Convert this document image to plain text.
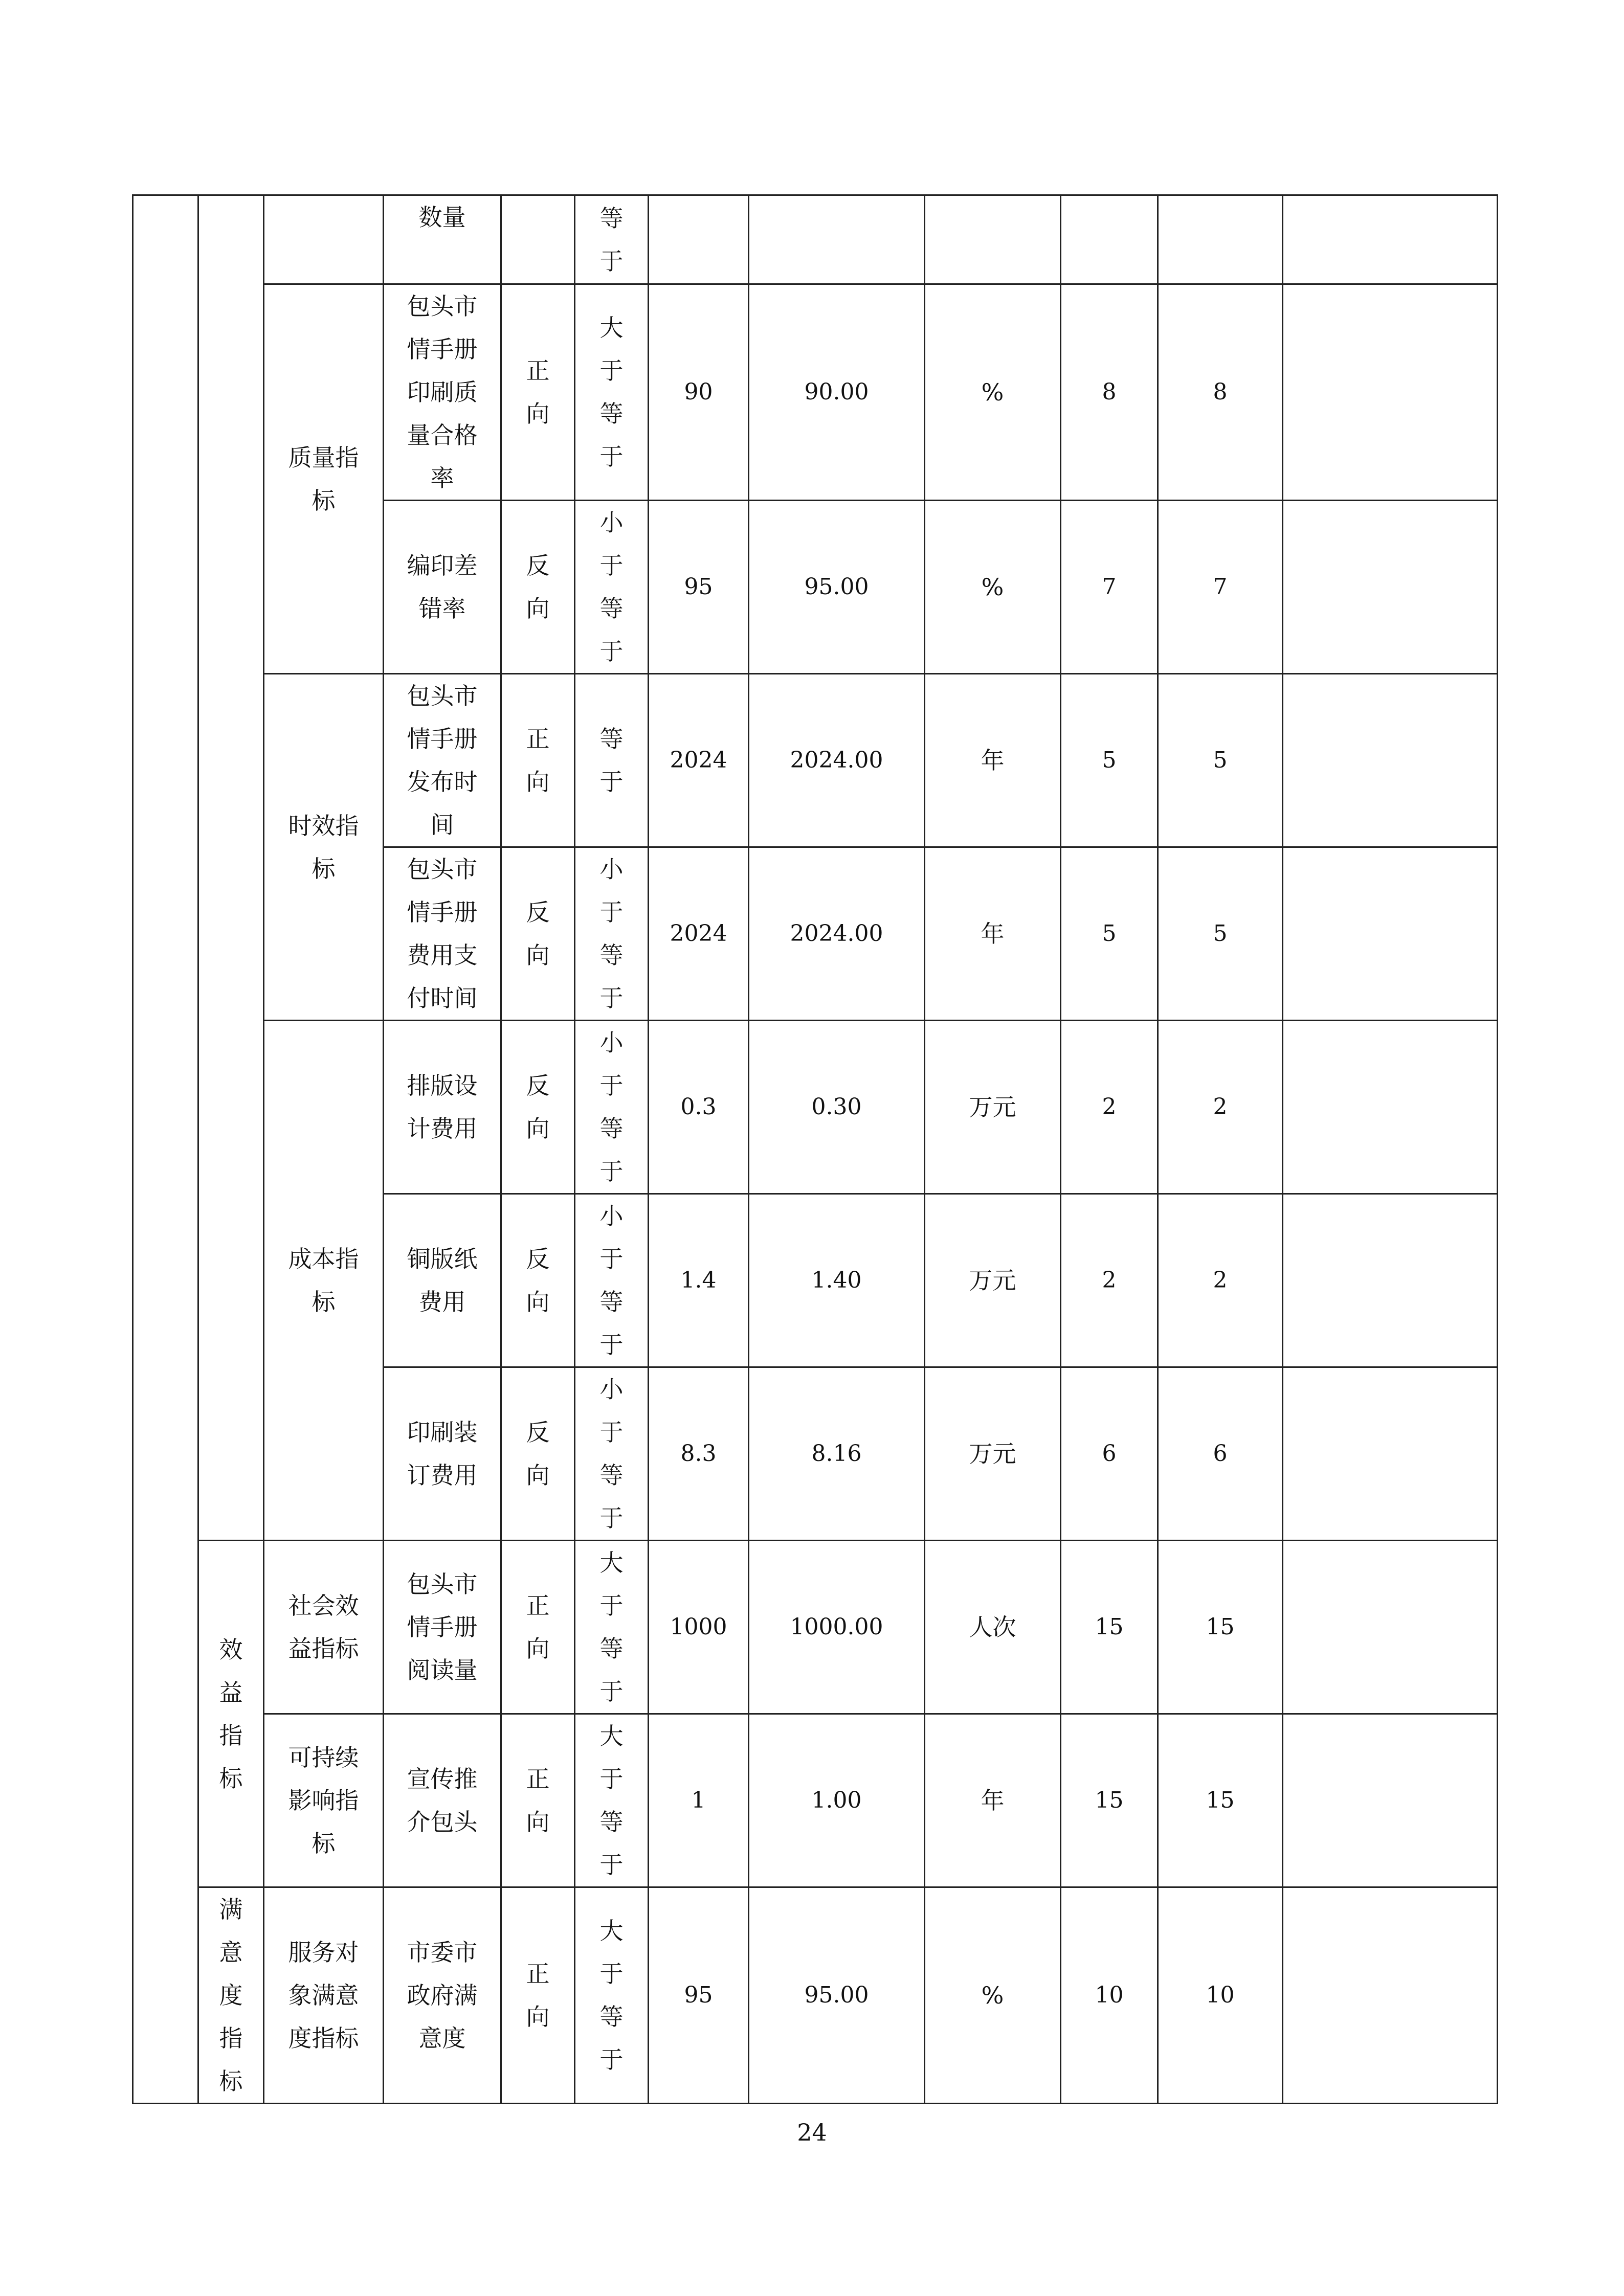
			数量		等于						

		质量指标	包头市情手册印刷质量合格率	正向	大于等于	90	90.00	%	8	8	

			编印差错率	反向	小于等于	95	95.00	%	7	7	

		时效指标	包头市情手册发布时间	正向	等于	2024	2024.00	年	5	5	

			包头市情手册费用支付时间	反向	小于等于	2024	2024.00	年	5	5	

		成本指标	排版设计费用	反向	小于等于	0.3	0.30	万元	2	2	

			铜版纸费用	反向	小于等于	1.4	1.40	万元	2	2	

			印刷装订费用	反向	小于等于	8.3	8.16	万元	6	6	

	效益指标	社会效益指标	包头市情手册阅读量	正向	大于等于	1000	1000.00	人次	15	15	

		可持续影响指标	宣传推介包头	正向	大于等于	1	1.00	年	15	15	

	满意度指标	服务对象满意度指标	市委市政府满意度	正向	大于等于	95	95.00	%	10	10	
24
